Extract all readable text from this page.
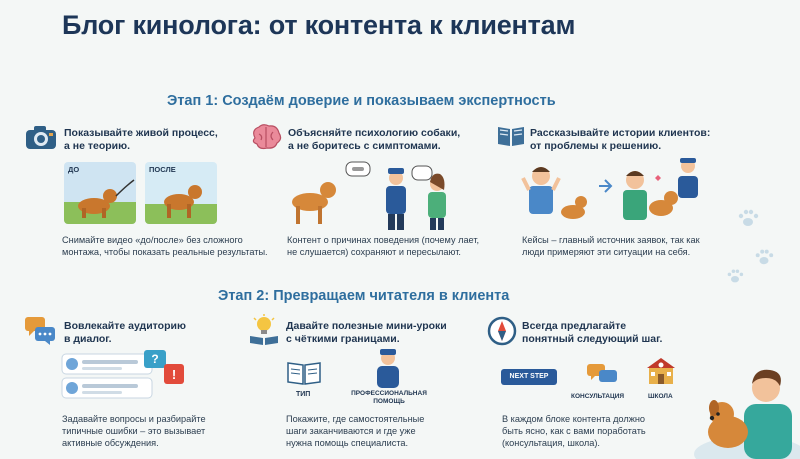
Блог кинолога: от контента к клиентам
Этап 1: Создаём доверие и показываем экспертность
Показывайте живой процесс,
а не теорию.
ДО	ПОСЛЕ
Снимайте видео «до/после» без сложного
монтажа, чтобы показать реальные результаты.
Объясняйте психологию собаки,
а не боритесь с симптомами.
Контент о причинах поведения (почему лает,
не слушается) сохраняют и пересылают.
Рассказывайте истории клиентов:
от проблемы к решению.
Кейсы – главный источник заявок, так как
люди примеряют эти ситуации на себя.
Этап 2: Превращаем читателя в клиента
Вовлекайте аудиторию
в диалог.
?
!
Задавайте вопросы и разбирайте
типичные ошибки – это вызывает
активные обсуждения.
Давайте полезные мини-уроки
с чёткими границами.
ТИП	ПРОФЕССИОНАЛЬНАЯ
ПОМОЩЬ
Покажите, где самостоятельные
шаги заканчиваются и где уже
нужна помощь специалиста.
Всегда предлагайте
понятный следующий шаг.
NEXT STEP
КОНСУЛЬТАЦИЯ	ШКОЛА
В каждом блоке контента должно
быть ясно, как с вами поработать
(консультация, школа).
